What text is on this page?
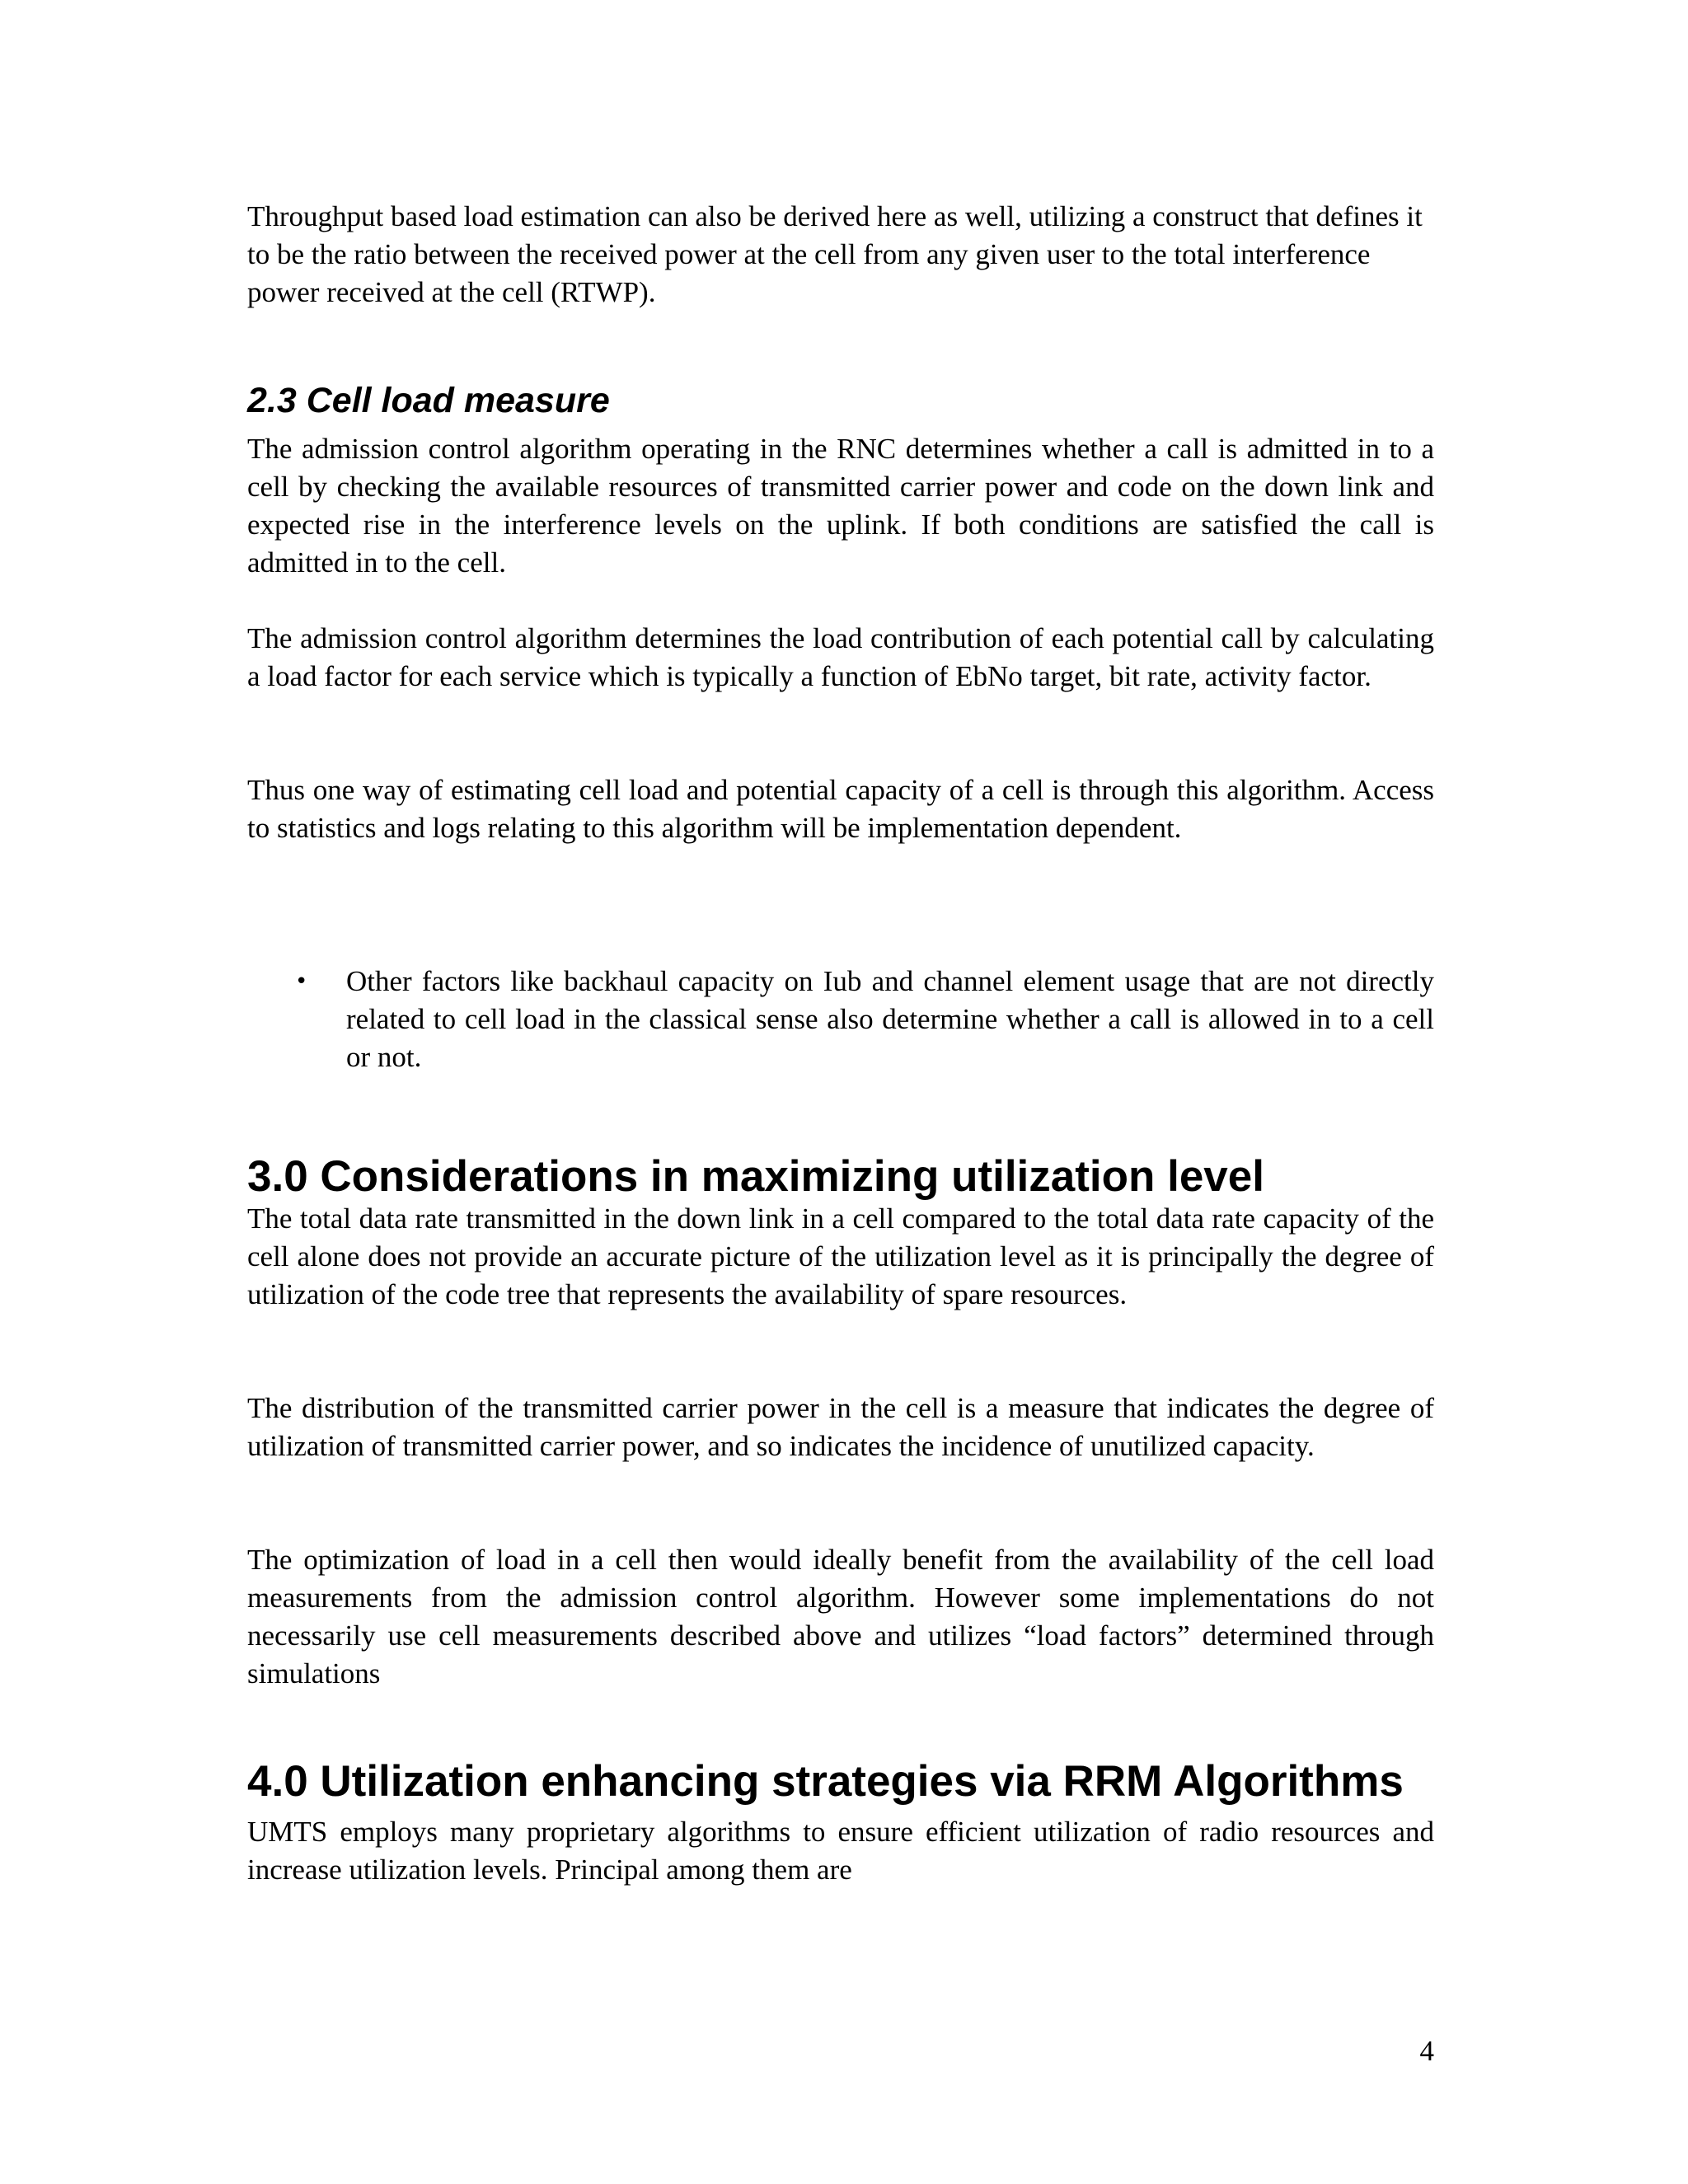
Throughput based load estimation can also be derived here as well, utilizing a construct that defines it to be the ratio between the received power at the cell from any given user to the total interference power received at the cell (RTWP).

2.3 Cell load measure

The admission control algorithm operating in the RNC determines whether a call is admitted in to a cell by checking the available resources of transmitted carrier power and code on the down link and expected rise in the interference levels on the uplink. If both conditions are satisfied the call is admitted in to the cell.

The admission control algorithm determines the load contribution of each potential call by calculating a load factor for each service which is typically a function of EbNo target, bit rate, activity factor.

Thus one way of estimating cell load and potential capacity of a cell is through this algorithm. Access to statistics and logs relating to this algorithm will be implementation dependent.

• Other factors like backhaul capacity on Iub and channel element usage that are not directly related to cell load in the classical sense also determine whether a call is allowed in to a cell or not.
3.0 Considerations in maximizing utilization level

The total data rate transmitted in the down link in a cell compared to the total data rate capacity of the cell alone does not provide an accurate picture of the utilization level as it is principally the degree of utilization of the code tree that represents the availability of spare resources.

The distribution of the transmitted carrier power in the cell is a measure that indicates the degree of utilization of transmitted carrier power, and so indicates the incidence of unutilized capacity.

The optimization of load in a cell then would ideally benefit from the availability of the cell load measurements from the admission control algorithm. However some implementations do not necessarily use cell measurements described above and utilizes “load factors” determined through simulations

4.0 Utilization enhancing strategies via RRM Algorithms

UMTS employs many proprietary algorithms to ensure efficient utilization of radio resources and increase utilization levels. Principal among them are

4
